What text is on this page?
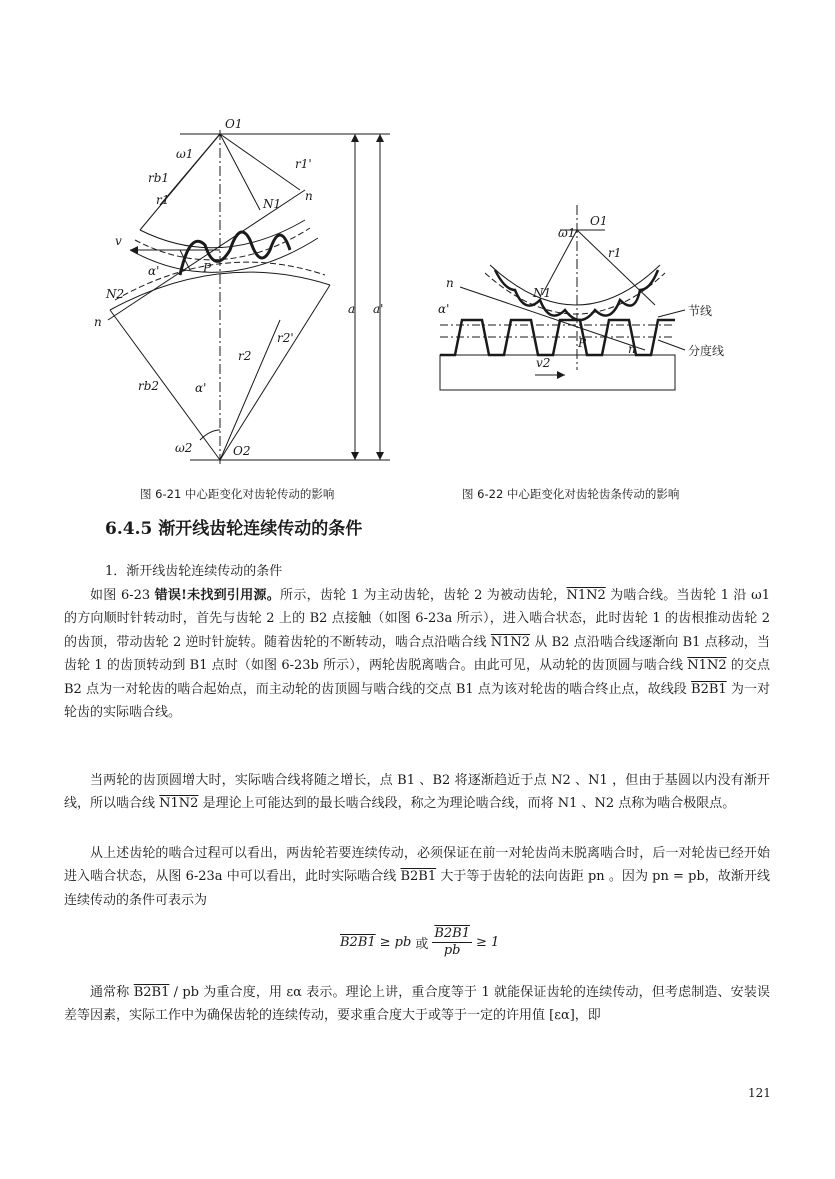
O1
ω1
rb1
r1
r1'
n
N1
v
α'	P
N2
n
a a'
r2'
r2
rb2	α'
ω2	O2
O1
ω1
r1
n
N1
α'
P	n
v2
节线
分度线
图 6-21 中心距变化对齿轮传动的影响	图 6-22 中心距变化对齿轮齿条传动的影响
6.4.5 渐开线齿轮连续传动的条件

1．渐开线齿轮连续传动的条件

如图 6-23 错误!未找到引用源。所示，齿轮 1 为主动齿轮，齿轮 2 为被动齿轮，N1N2 为啮合线。当齿轮 1 沿 ω1 的方向顺时针转动时，首先与齿轮 2 上的 B2 点接触（如图 6-23a 所示），进入啮合状态，此时齿轮 1 的齿根推动齿轮 2 的齿顶，带动齿轮 2 逆时针旋转。随着齿轮的不断转动，啮合点沿啮合线 N1N2 从 B2 点沿啮合线逐渐向 B1 点移动，当齿轮 1 的齿顶转动到 B1 点时（如图 6-23b 所示），两轮齿脱离啮合。由此可见，从动轮的齿顶圆与啮合线 N1N2 的交点 B2 点为一对轮齿的啮合起始点，而主动轮的齿顶圆与啮合线的交点 B1 点为该对轮齿的啮合终止点，故线段 B2B1 为一对轮齿的实际啮合线。

当两轮的齿顶圆增大时，实际啮合线将随之增长，点 B1 、B2 将逐渐趋近于点 N2 、N1 ，但由于基圆以内没有渐开线，所以啮合线 N1N2 是理论上可能达到的最长啮合线段，称之为理论啮合线，而将 N1 、N2 点称为啮合极限点。

从上述齿轮的啮合过程可以看出，两齿轮若要连续传动，必须保证在前一对轮齿尚未脱离啮合时，后一对轮齿已经开始进入啮合状态，从图 6-23a 中可以看出，此时实际啮合线 B2B1 大于等于齿轮的法向齿距 pn 。因为 pn = pb，故渐开线连续传动的条件可表示为

B2B1 ≥ pb 或 $\frac{B2B1}{pb} \ge 1$

通常称 B2B1 / pb 为重合度，用 εα 表示。理论上讲，重合度等于 1 就能保证齿轮的连续传动，但考虑制造、安装误差等因素，实际工作中为确保齿轮的连续传动，要求重合度大于或等于一定的许用值 [εα]，即

121
